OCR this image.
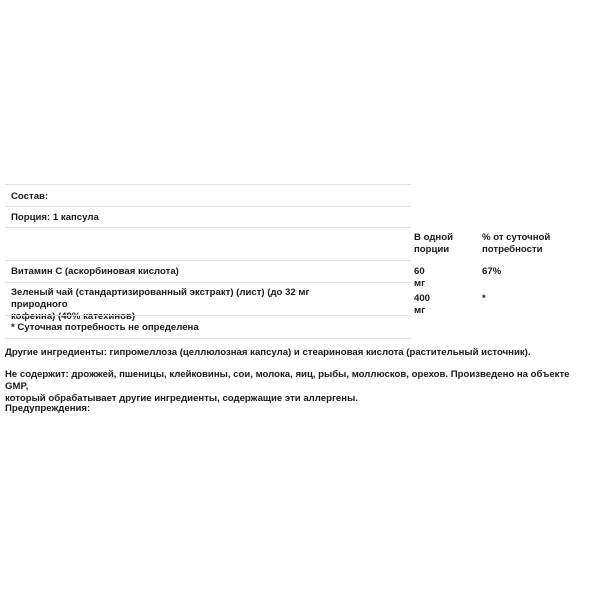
Состав:
Порция: 1 капсула
В одной
порции
% от суточной
потребности
Витамин C (аскорбиновая кислота)	60 мг
67%
Зеленый чай (стандартизированный экстракт) (лист) (до 32 мг природного
кофеина) (40% катехинов)
400 мг
*
* Суточная потребность не определена
Другие ингредиенты: гипромеллоза (целлюлозная капсула) и стеариновая кислота (растительный источник).
Не содержит: дрожжей, пшеницы, клейковины, сои, молока, яиц, рыбы, моллюсков, орехов. Произведено на объекте GMP,
который обрабатывает другие ингредиенты, содержащие эти аллергены.
Предупреждения:
